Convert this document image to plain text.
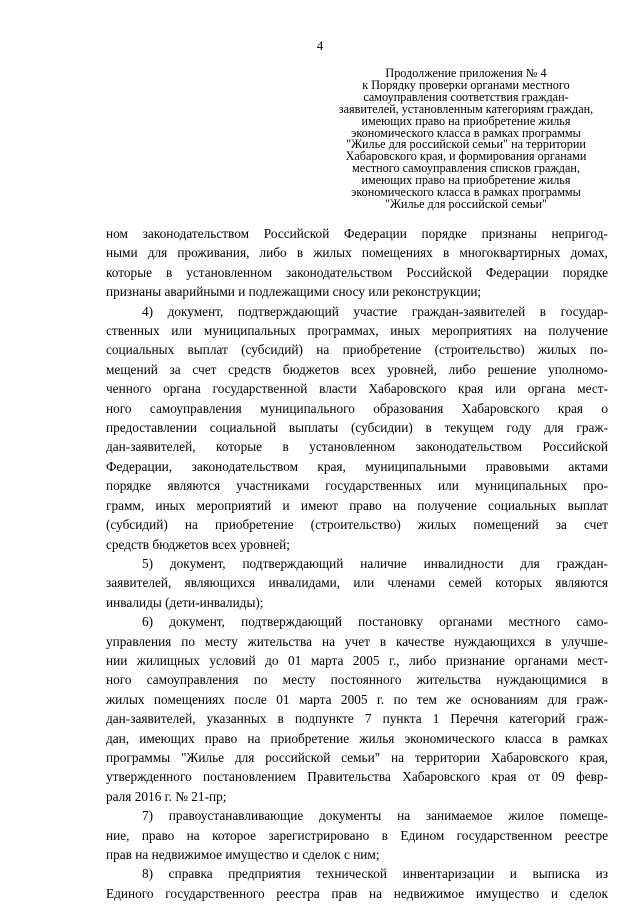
4
Продолжение приложения № 4
к Порядку проверки органами местного
самоуправления соответствия граждан-
заявителей, установленным категориям граждан,
имеющих право на приобретение жилья
экономического класса в рамках программы
"Жилье для российской семьи" на территории
Хабаровского края, и формирования органами
местного самоуправления списков граждан,
имеющих право на приобретение жилья
экономического класса в рамках программы
"Жилье для российской семьи"

ном законодательством Российской Федерации порядке признаны непригод-
ными для проживания, либо в жилых помещениях в многоквартирных домах,
которые в установленном законодательством Российской Федерации порядке
признаны аварийными и подлежащими сносу или реконструкции;

4) документ, подтверждающий участие граждан-заявителей в государ-
ственных или муниципальных программах, иных мероприятиях на получение
социальных выплат (субсидий) на приобретение (строительство) жилых по-
мещений за счет средств бюджетов всех уровней, либо решение уполномо-
ченного органа государственной власти Хабаровского края или органа мест-
ного самоуправления муниципального образования Хабаровского края о
предоставлении социальной выплаты (субсидии) в текущем году для граж-
дан-заявителей, которые в установленном законодательством Российской
Федерации, законодательством края, муниципальными правовыми актами
порядке являются участниками государственных или муниципальных про-
грамм, иных мероприятий и имеют право на получение социальных выплат
(субсидий) на приобретение (строительство) жилых помещений за счет
средств бюджетов всех уровней;

5) документ, подтверждающий наличие инвалидности для граждан-
заявителей, являющихся инвалидами, или членами семей которых являются
инвалиды (дети-инвалиды);

6) документ, подтверждающий постановку органами местного само-
управления по месту жительства на учет в качестве нуждающихся в улучше-
нии жилищных условий до 01 марта 2005 г., либо признание органами мест-
ного самоуправления по месту постоянного жительства нуждающимися в
жилых помещениях после 01 марта 2005 г. по тем же основаниям для граж-
дан-заявителей, указанных в подпункте 7 пункта 1 Перечня категорий граж-
дан, имеющих право на приобретение жилья экономического класса в рамках
программы "Жилье для российской семьи" на территории Хабаровского края,
утвержденного постановлением Правительства Хабаровского края от 09 февр-
раля 2016 г. № 21-пр;

7) правоустанавливающие документы на занимаемое жилое помеще-
ние, право на которое зарегистрировано в Едином государственном реестре
прав на недвижимое имущество и сделок с ним;

8) справка предприятия технической инвентаризации и выписка из
Единого государственного реестра прав на недвижимое имущество и сделок
